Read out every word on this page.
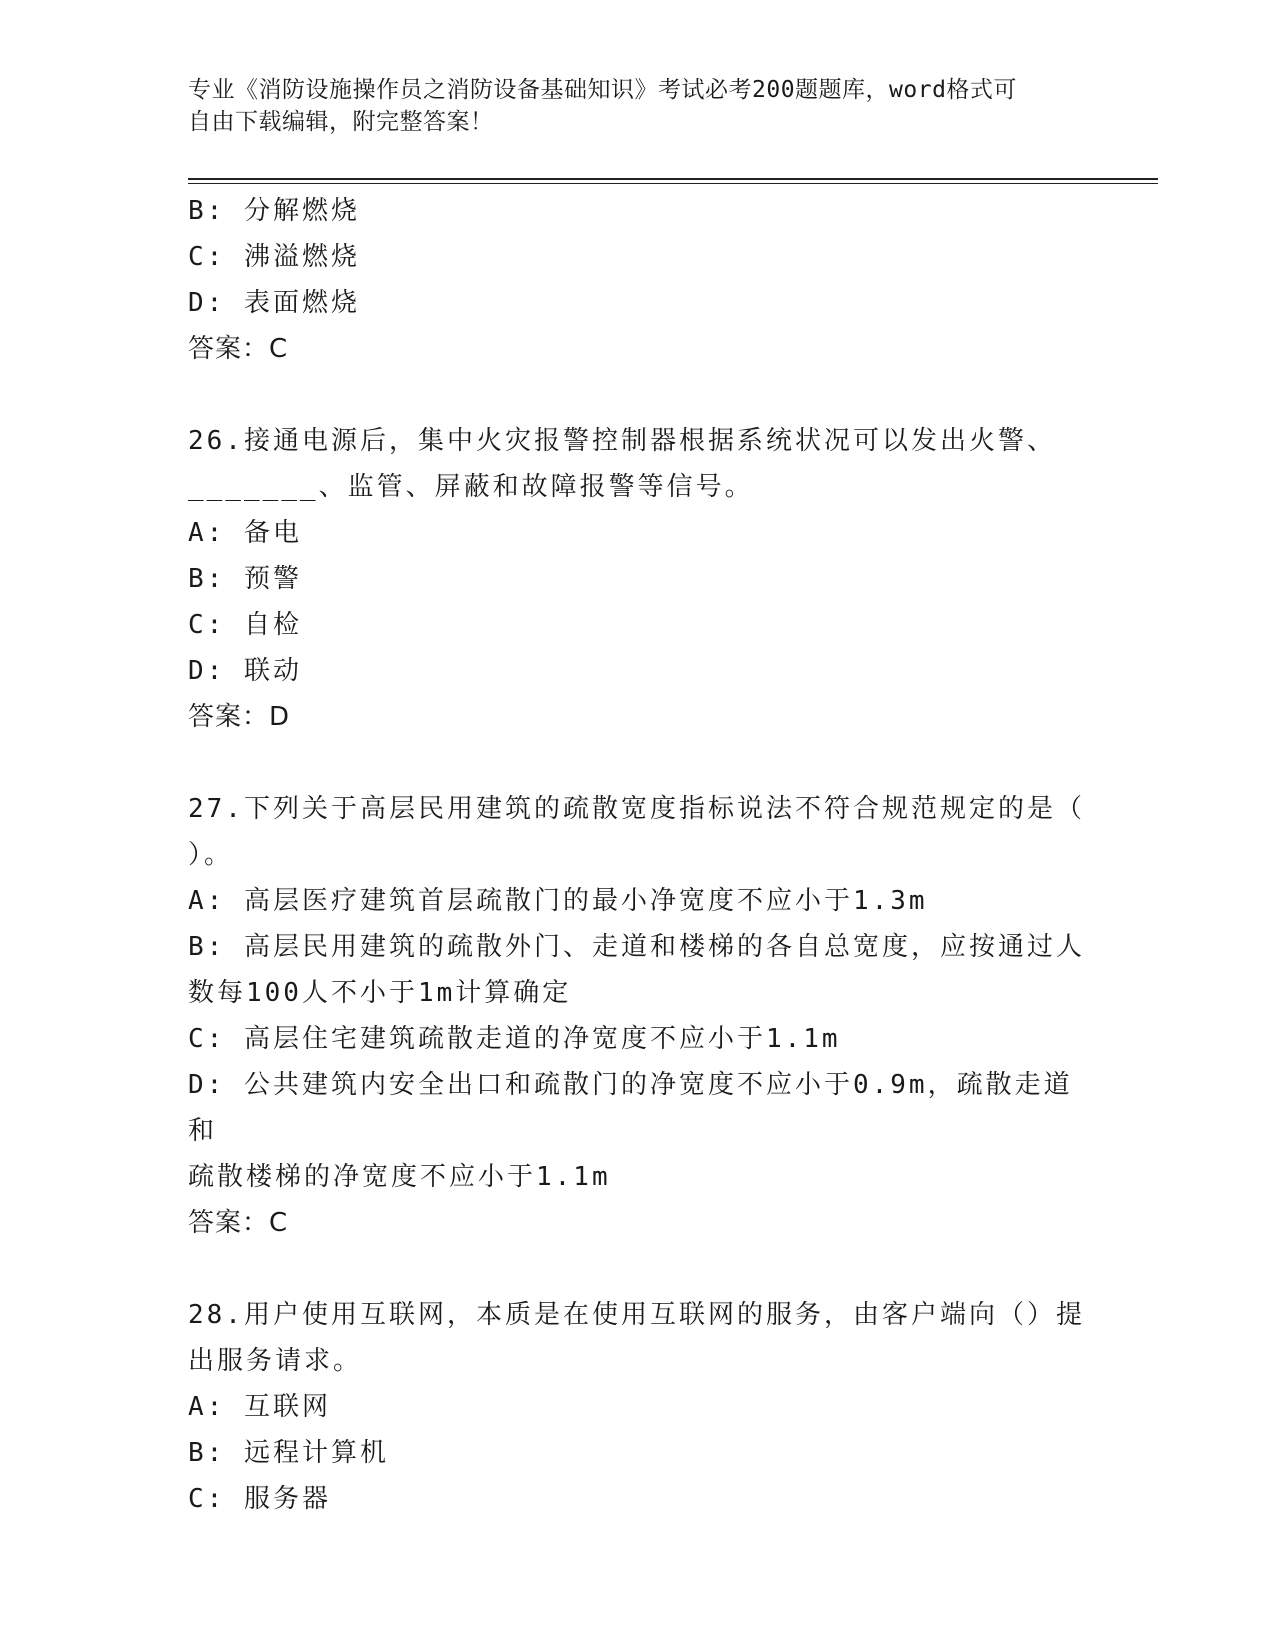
专业《消防设施操作员之消防设备基础知识》考试必考200题题库，word格式可
自由下载编辑，附完整答案！
B: 分解燃烧
C: 沸溢燃烧
D: 表面燃烧
答案：C
26.接通电源后，集中火灾报警控制器根据系统状况可以发出火警、
_______、监管、屏蔽和故障报警等信号。
A: 备电
B: 预警
C: 自检
D: 联动
答案：D
27.下列关于高层民用建筑的疏散宽度指标说法不符合规范规定的是（
）。
A: 高层医疗建筑首层疏散门的最小净宽度不应小于1.3m
B: 高层民用建筑的疏散外门、走道和楼梯的各自总宽度，应按通过人
数每100人不小于1m计算确定
C: 高层住宅建筑疏散走道的净宽度不应小于1.1m
D: 公共建筑内安全出口和疏散门的净宽度不应小于0.9m，疏散走道和
疏散楼梯的净宽度不应小于1.1m
答案：C
28.用户使用互联网，本质是在使用互联网的服务，由客户端向（）提
出服务请求。
A: 互联网
B: 远程计算机
C: 服务器
